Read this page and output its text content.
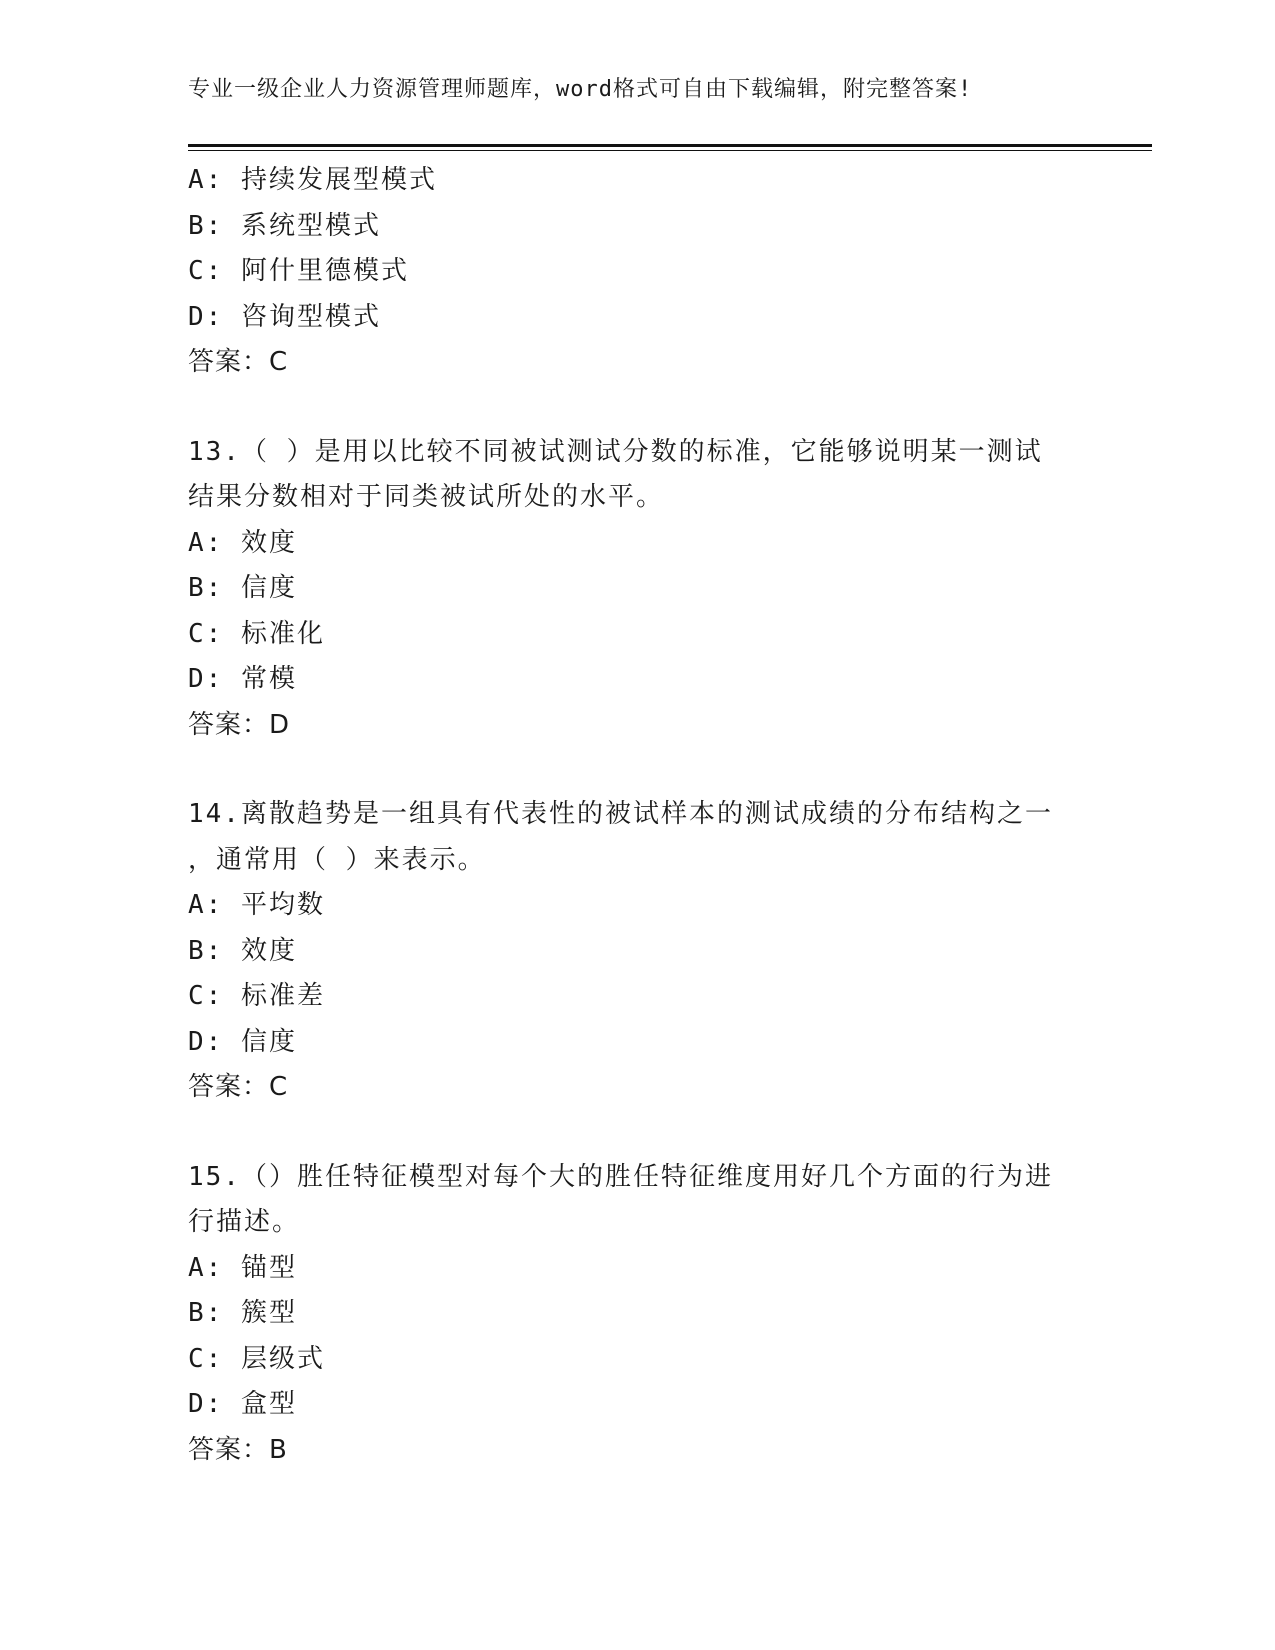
专业一级企业人力资源管理师题库，word格式可自由下载编辑，附完整答案!
A: 持续发展型模式
B: 系统型模式
C: 阿什里德模式
D: 咨询型模式
答案：C
13.（ ）是用以比较不同被试测试分数的标准，它能够说明某一测试
结果分数相对于同类被试所处的水平。
A: 效度
B: 信度
C: 标准化
D: 常模
答案：D
14.离散趋势是一组具有代表性的被试样本的测试成绩的分布结构之一
，通常用（ ）来表示。
A: 平均数
B: 效度
C: 标准差
D: 信度
答案：C
15.（）胜任特征模型对每个大的胜任特征维度用好几个方面的行为进
行描述。
A: 锚型
B: 簇型
C: 层级式
D: 盒型
答案：B
